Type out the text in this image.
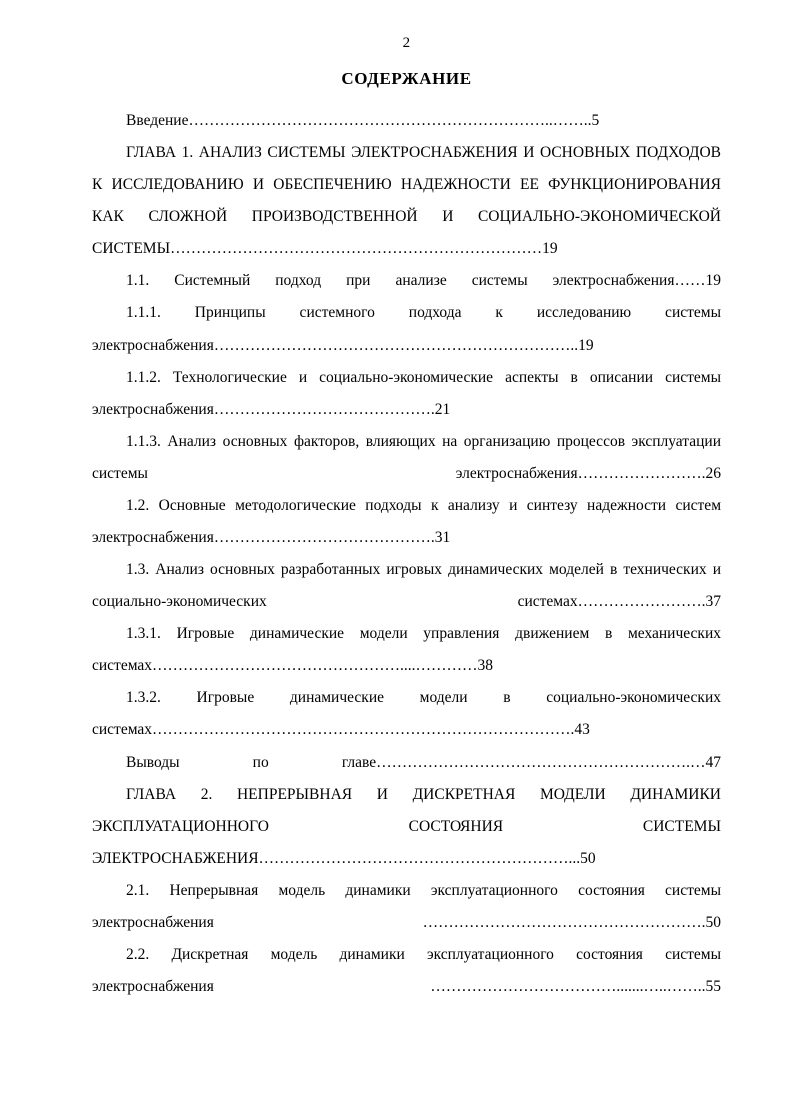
2
СОДЕРЖАНИЕ

Введение……………………………………………………………..……..5

ГЛАВА 1. АНАЛИЗ СИСТЕМЫ ЭЛЕКТРОСНАБЖЕНИЯ И ОСНОВНЫХ ПОДХОДОВ К ИССЛЕДОВАНИЮ И ОБЕСПЕЧЕНИЮ НАДЕЖНОСТИ ЕЕ ФУНКЦИОНИРОВАНИЯ КАК СЛОЖНОЙ ПРОИЗВОДСТВЕННОЙ И СОЦИАЛЬНО-ЭКОНОМИЧЕСКОЙ СИСТЕМЫ………………………………………………………………19

1.1. Системный подход при анализе системы электроснабжения……19

1.1.1. Принципы системного подхода к исследованию системы электроснабжения……………………………………………………………..19

1.1.2. Технологические и социально-экономические аспекты в описании системы электроснабжения…………………………………….21

1.1.3. Анализ основных факторов, влияющих на организацию процессов эксплуатации системы электроснабжения…………………….26

1.2. Основные методологические подходы к анализу и синтезу надежности систем электроснабжения…………………………………….31

1.3. Анализ основных разработанных игровых динамических моделей в технических и социально-экономических системах…………………….37

1.3.1. Игровые динамические модели управления движением в механических системах…………………………………………....…………38

1.3.2. Игровые динамические модели в социально-экономических системах……………………………………………………………………….43

Выводы по главе…………………………………………………….…47

ГЛАВА 2. НЕПРЕРЫВНАЯ И ДИСКРЕТНАЯ МОДЕЛИ ДИНАМИКИ ЭКСПЛУАТАЦИОННОГО СОСТОЯНИЯ СИСТЕМЫ ЭЛЕКТРОСНАБЖЕНИЯ……………………………………………………...50

2.1. Непрерывная модель динамики эксплуатационного состояния системы электроснабжения ……………………………………………….50

2.2. Дискретная модель динамики эксплуатационного состояния системы электроснабжения ……………………………….......…..……..55
